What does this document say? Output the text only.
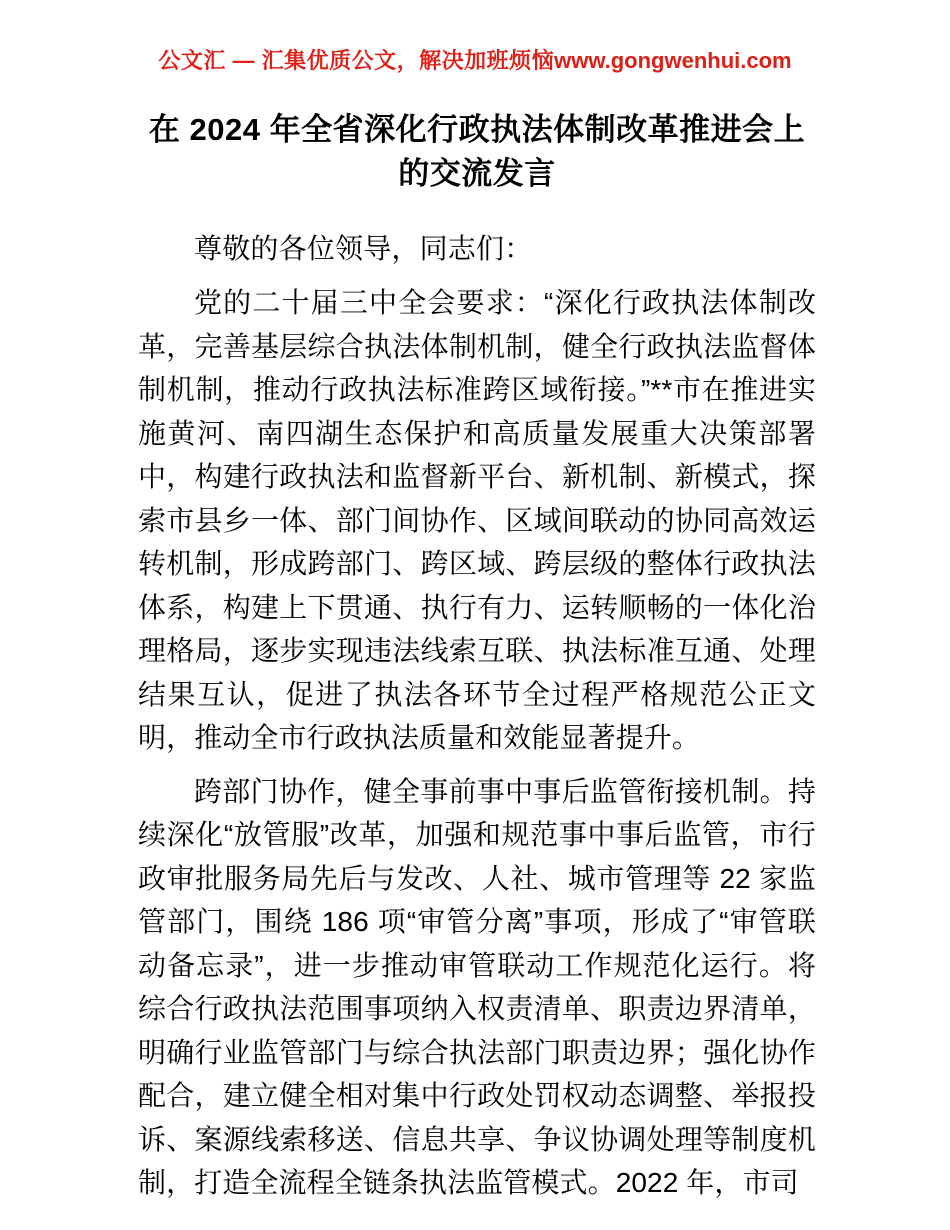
公文汇 — 汇集优质公文，解决加班烦恼www.gongwenhui.com
在 2024 年全省深化行政执法体制改革推进会上的交流发言

尊敬的各位领导，同志们：

党的二十届三中全会要求：“深化行政执法体制改革，完善基层综合执法体制机制，健全行政执法监督体制机制，推动行政执法标准跨区域衔接。”**市在推进实施黄河、南四湖生态保护和高质量发展重大决策部署中，构建行政执法和监督新平台、新机制、新模式，探索市县乡一体、部门间协作、区域间联动的协同高效运转机制，形成跨部门、跨区域、跨层级的整体行政执法体系，构建上下贯通、执行有力、运转顺畅的一体化治理格局，逐步实现违法线索互联、执法标准互通、处理结果互认，促进了执法各环节全过程严格规范公正文明，推动全市行政执法质量和效能显著提升。

跨部门协作，健全事前事中事后监管衔接机制。持续深化“放管服”改革，加强和规范事中事后监管，市行政审批服务局先后与发改、人社、城市管理等 22 家监管部门，围绕 186 项“审管分离”事项，形成了“审管联动备忘录”，进一步推动审管联动工作规范化运行。将综合行政执法范围事项纳入权责清单、职责边界清单，明确行业监管部门与综合执法部门职责边界；强化协作配合，建立健全相对集中行政处罚权动态调整、举报投诉、案源线索移送、信息共享、争议协调处理等制度机制，打造全流程全链条执法监管模式。2022 年，市司
